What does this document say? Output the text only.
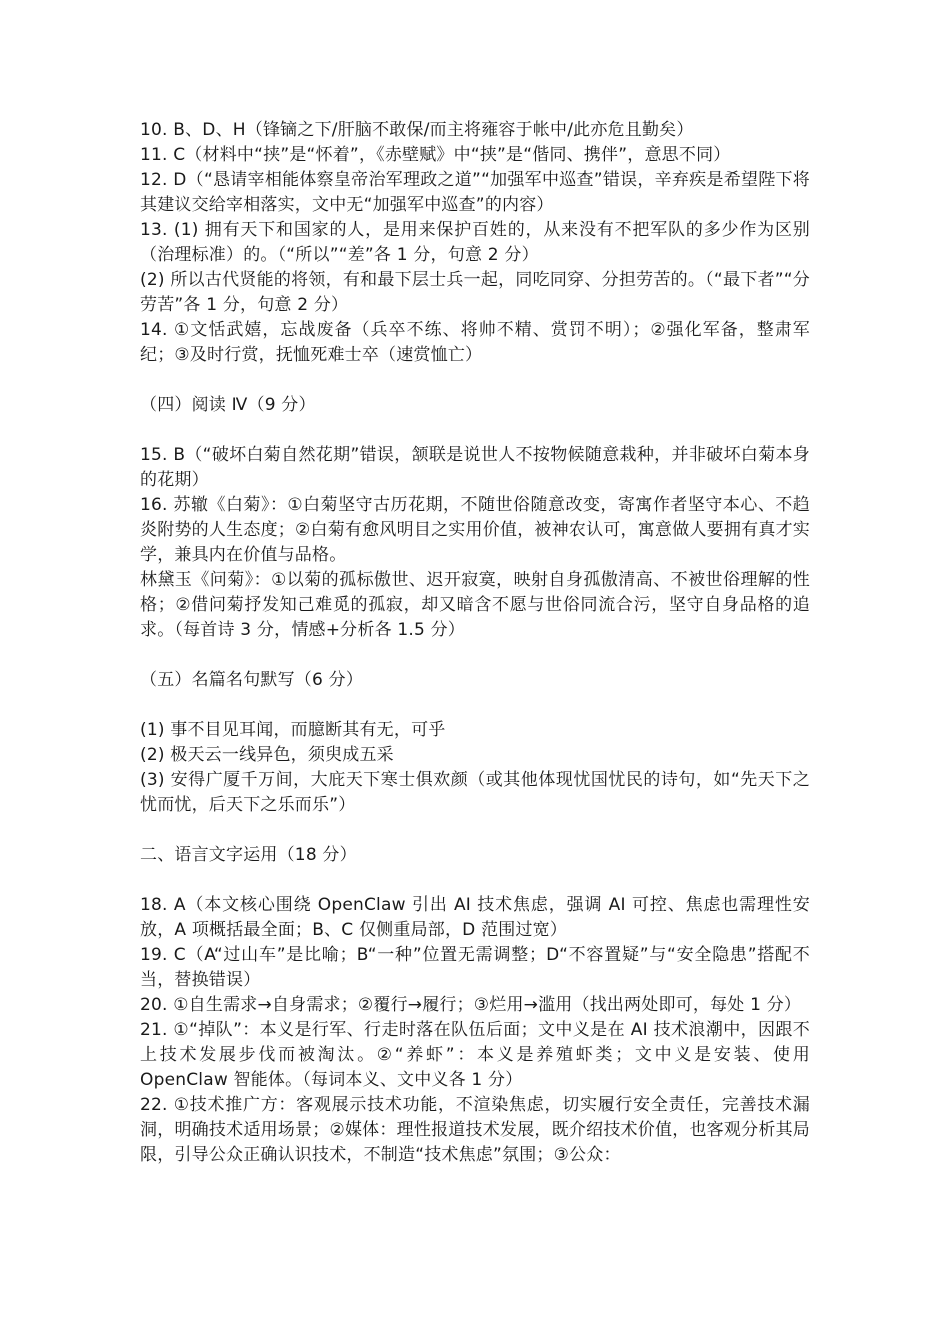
10. B、D、H（锋镝之下/肝脑不敢保/而主将雍容于帐中/此亦危且勤矣）

11. C（材料中“挟”是“怀着”，《赤壁赋》中“挟”是“偕同、携伴”，意思不同）

12. D（“恳请宰相能体察皇帝治军理政之道”“加强军中巡查”错误，辛弃疾是希望陛下将其建议交给宰相落实，文中无“加强军中巡查”的内容）

13. (1) 拥有天下和国家的人，是用来保护百姓的，从来没有不把军队的多少作为区别（治理标准）的。（“所以”“差”各 1 分，句意 2 分）

(2) 所以古代贤能的将领，有和最下层士兵一起，同吃同穿、分担劳苦的。（“最下者”“分劳苦”各 1 分，句意 2 分）

14. ①文恬武嬉，忘战废备（兵卒不练、将帅不精、赏罚不明）；②强化军备，整肃军纪；③及时行赏，抚恤死难士卒（速赏恤亡）

（四）阅读 Ⅳ（9 分）

15. B（“破坏白菊自然花期”错误，颔联是说世人不按物候随意栽种，并非破坏白菊本身的花期）

16. 苏辙《白菊》：①白菊坚守古历花期，不随世俗随意改变，寄寓作者坚守本心、不趋炎附势的人生态度；②白菊有愈风明目之实用价值，被神农认可，寓意做人要拥有真才实学，兼具内在价值与品格。

林黛玉《问菊》：①以菊的孤标傲世、迟开寂寞，映射自身孤傲清高、不被世俗理解的性格；②借问菊抒发知己难觅的孤寂，却又暗含不愿与世俗同流合污，坚守自身品格的追求。（每首诗 3 分，情感+分析各 1.5 分）

（五）名篇名句默写（6 分）

(1) 事不目见耳闻，而臆断其有无，可乎

(2) 极天云一线异色，须臾成五采

(3) 安得广厦千万间，大庇天下寒士俱欢颜（或其他体现忧国忧民的诗句，如“先天下之忧而忧，后天下之乐而乐”）

二、语言文字运用（18 分）

18. A（本文核心围绕 OpenClaw 引出 AI 技术焦虑，强调 AI 可控、焦虑也需理性安放，A 项概括最全面；B、C 仅侧重局部，D 范围过宽）

19. C（A“过山车”是比喻；B“一种”位置无需调整；D“不容置疑”与“安全隐患”搭配不当，替换错误）

20. ①自生需求→自身需求；②覆行→履行；③烂用→滥用（找出两处即可，每处 1 分）

21. ①“掉队”：本义是行军、行走时落在队伍后面；文中义是在 AI 技术浪潮中，因跟不上技术发展步伐而被淘汰。②“养虾”：本义是养殖虾类；文中义是安装、使用 OpenClaw 智能体。（每词本义、文中义各 1 分）

22. ①技术推广方：客观展示技术功能，不渲染焦虑，切实履行安全责任，完善技术漏洞，明确技术适用场景；②媒体：理性报道技术发展，既介绍技术价值，也客观分析其局限，引导公众正确认识技术，不制造“技术焦虑”氛围；③公众：
